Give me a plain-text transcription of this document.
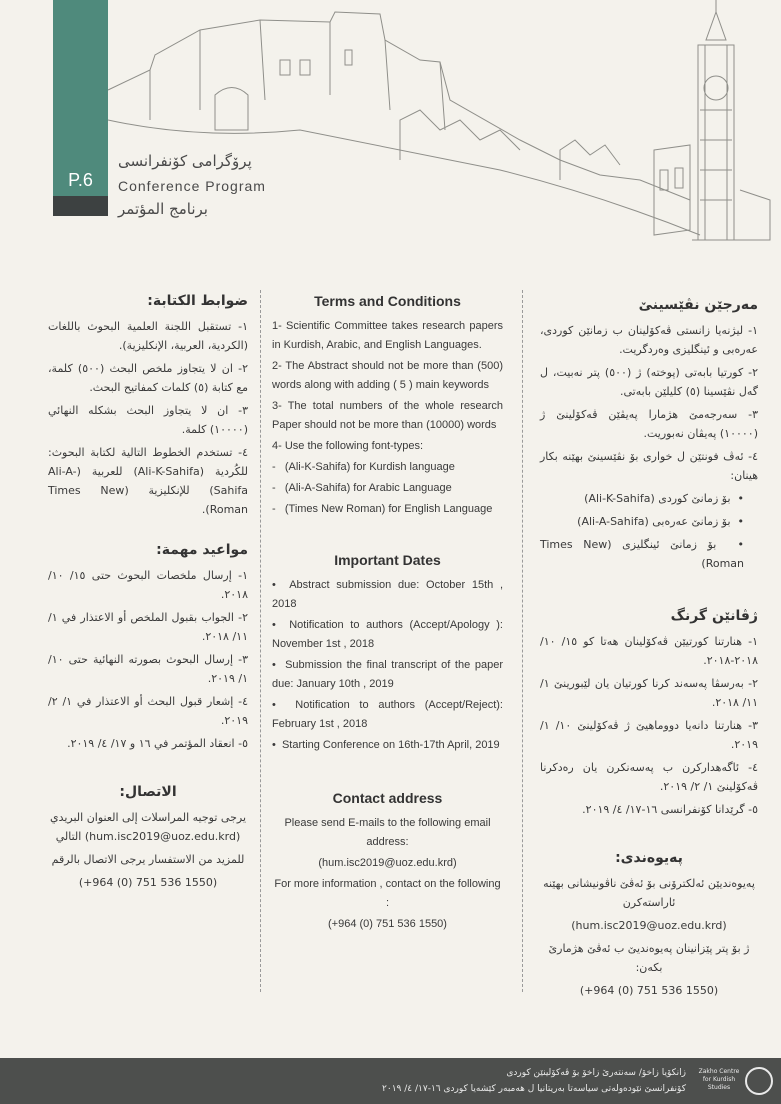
P.6
پرۆگرامی کۆنفرانسی
Conference Program
برنامج المؤتمر
ضوابط الكتابة:
١- تستقبل اللجنة العلمية البحوث باللغات (الكردية، العربية، الإنكليزية).
٢- ان لا يتجاوز ملخص البحث (٥٠٠) كلمة، مع كتابة (٥) كلمات كمفاتيح البحث.
٣- ان لا يتجاوز البحث بشكله النهائي (١٠٠٠٠) كلمة.
٤- تستخدم الخطوط التالية لكتابة البحوث: للكُردية (Ali-K-Sahifa) للعربية (Ali-A-Sahifa) للإنكليزية (Times New Roman).
مواعيد مهمة:
١- إرسال ملخصات البحوث حتى ١٥/ ١٠/ ٢٠١٨.
٢- الجواب بقبول الملخص أو الاعتذار في ١/ ١١/ ٢٠١٨.
٣- إرسال البحوث بصورته النهائية حتى ١٠/ ١/ ٢٠١٩.
٤- إشعار قبول البحث أو الاعتذار في ١/ ٢/ ٢٠١٩.
٥- انعقاد المؤتمر في ١٦ و ١٧/ ٤/ ٢٠١٩.
الاتصال:
يرجى توجيه المراسلات إلى العنوان البريدي (hum.isc2019@uoz.edu.krd) التالي
للمزيد من الاستفسار يرجى الاتصال بالرقم
(+964 (0) 751 536 1550)
Terms and Conditions
1- Scientific Committee takes research papers in Kurdish, Arabic, and English Languages.
2- The Abstract should not be more than (500) words along with adding ( 5 ) main keywords
3- The total numbers of the whole research Paper should not be more than (10000) words
4- Use the following font-types:
-   (Ali-K-Sahifa) for Kurdish language
-   (Ali-A-Sahifa) for Arabic Language
-   (Times New Roman) for English Language
Important Dates
•  Abstract submission due: October 15th , 2018
•  Notification to authors (Accept/Apology ): November 1st , 2018
•  Submission the final transcript of the paper due: January 10th , 2019
•  Notification to authors (Accept/Reject): February 1st , 2018
•  Starting Conference on 16th-17th April, 2019
Contact address
Please send E-mails to the following email address:
(hum.isc2019@uoz.edu.krd)
For more information , contact on the following :
(+964 (0) 751 536 1550)
مەرجێن نڤێسینێ
١- لیژنەیا زانستی ڤەکۆلینان ب زمانێن کوردی، عەرەبی و ئینگلیزی وەردگریت.
٢- کورتیا بابەتی (پوختە) ژ (٥٠٠) پتر نەبیت، ل گەل نڤێسینا (٥) کلیلێن بابەتی.
٣- سەرجەمێ هژمارا پەیڤێن ڤەکۆلینێ ژ (١٠٠٠٠) پەیڤان نەبوریت.
٤- ئەڤ فونتێن ل خواری بۆ نڤێسینێ بهێنە بکار هینان:
•  بۆ زمانێ کوردی (Ali-K-Sahifa)
•  بۆ زمانێ عەرەبی (Ali-A-Sahifa)
•  بۆ زمانێ ئینگلیزی (Times New Roman)
ژڤانێن گرنگ
١- هنارتنا کورتیێن ڤەکۆلینان هەتا کو ١٥/ ١٠/ ٢٠١٨-٢٠١٨.
٢- بەرسڤا پەسەند کرنا کورتیان یان لێبورینێ ١/ ١١/ ٢٠١٨.
٣- هنارتنا دانەیا دووماهیێ ژ ڤەکۆلینێ ١٠/ ١/ ٢٠١٩.
٤- ئاگەهدارکرن ب پەسەنکرن یان رەدکرنا ڤەکۆلینێ ١/ ٢/ ٢٠١٩.
٥- گرێدانا کۆنفرانسی ١٦-١٧/ ٤/ ٢٠١٩.
پەیوەندی:
پەیوەندیێن ئەلکترۆنی بۆ ئەڤێ ناڤونیشانی بهێنە ئاراستەکرن
(hum.isc2019@uoz.edu.krd)
ژ بۆ پتر پێزانینان پەیوەندیێ ب ئەڤێ هژمارێ بکەن:
(+964 (0) 751 536 1550)
زانکۆیا زاخۆ/ سەنتەرێ زاخۆ بۆ ڤەکۆلینێن کوردی
کۆنفرانسێ نێودەولەتی سیاسەتا بەریتانیا ل هەمبەر کێشەیا کوردی ١٦-١٧/ ٤/ ٢٠١٩
Zakho Centre for Kurdish Studies
